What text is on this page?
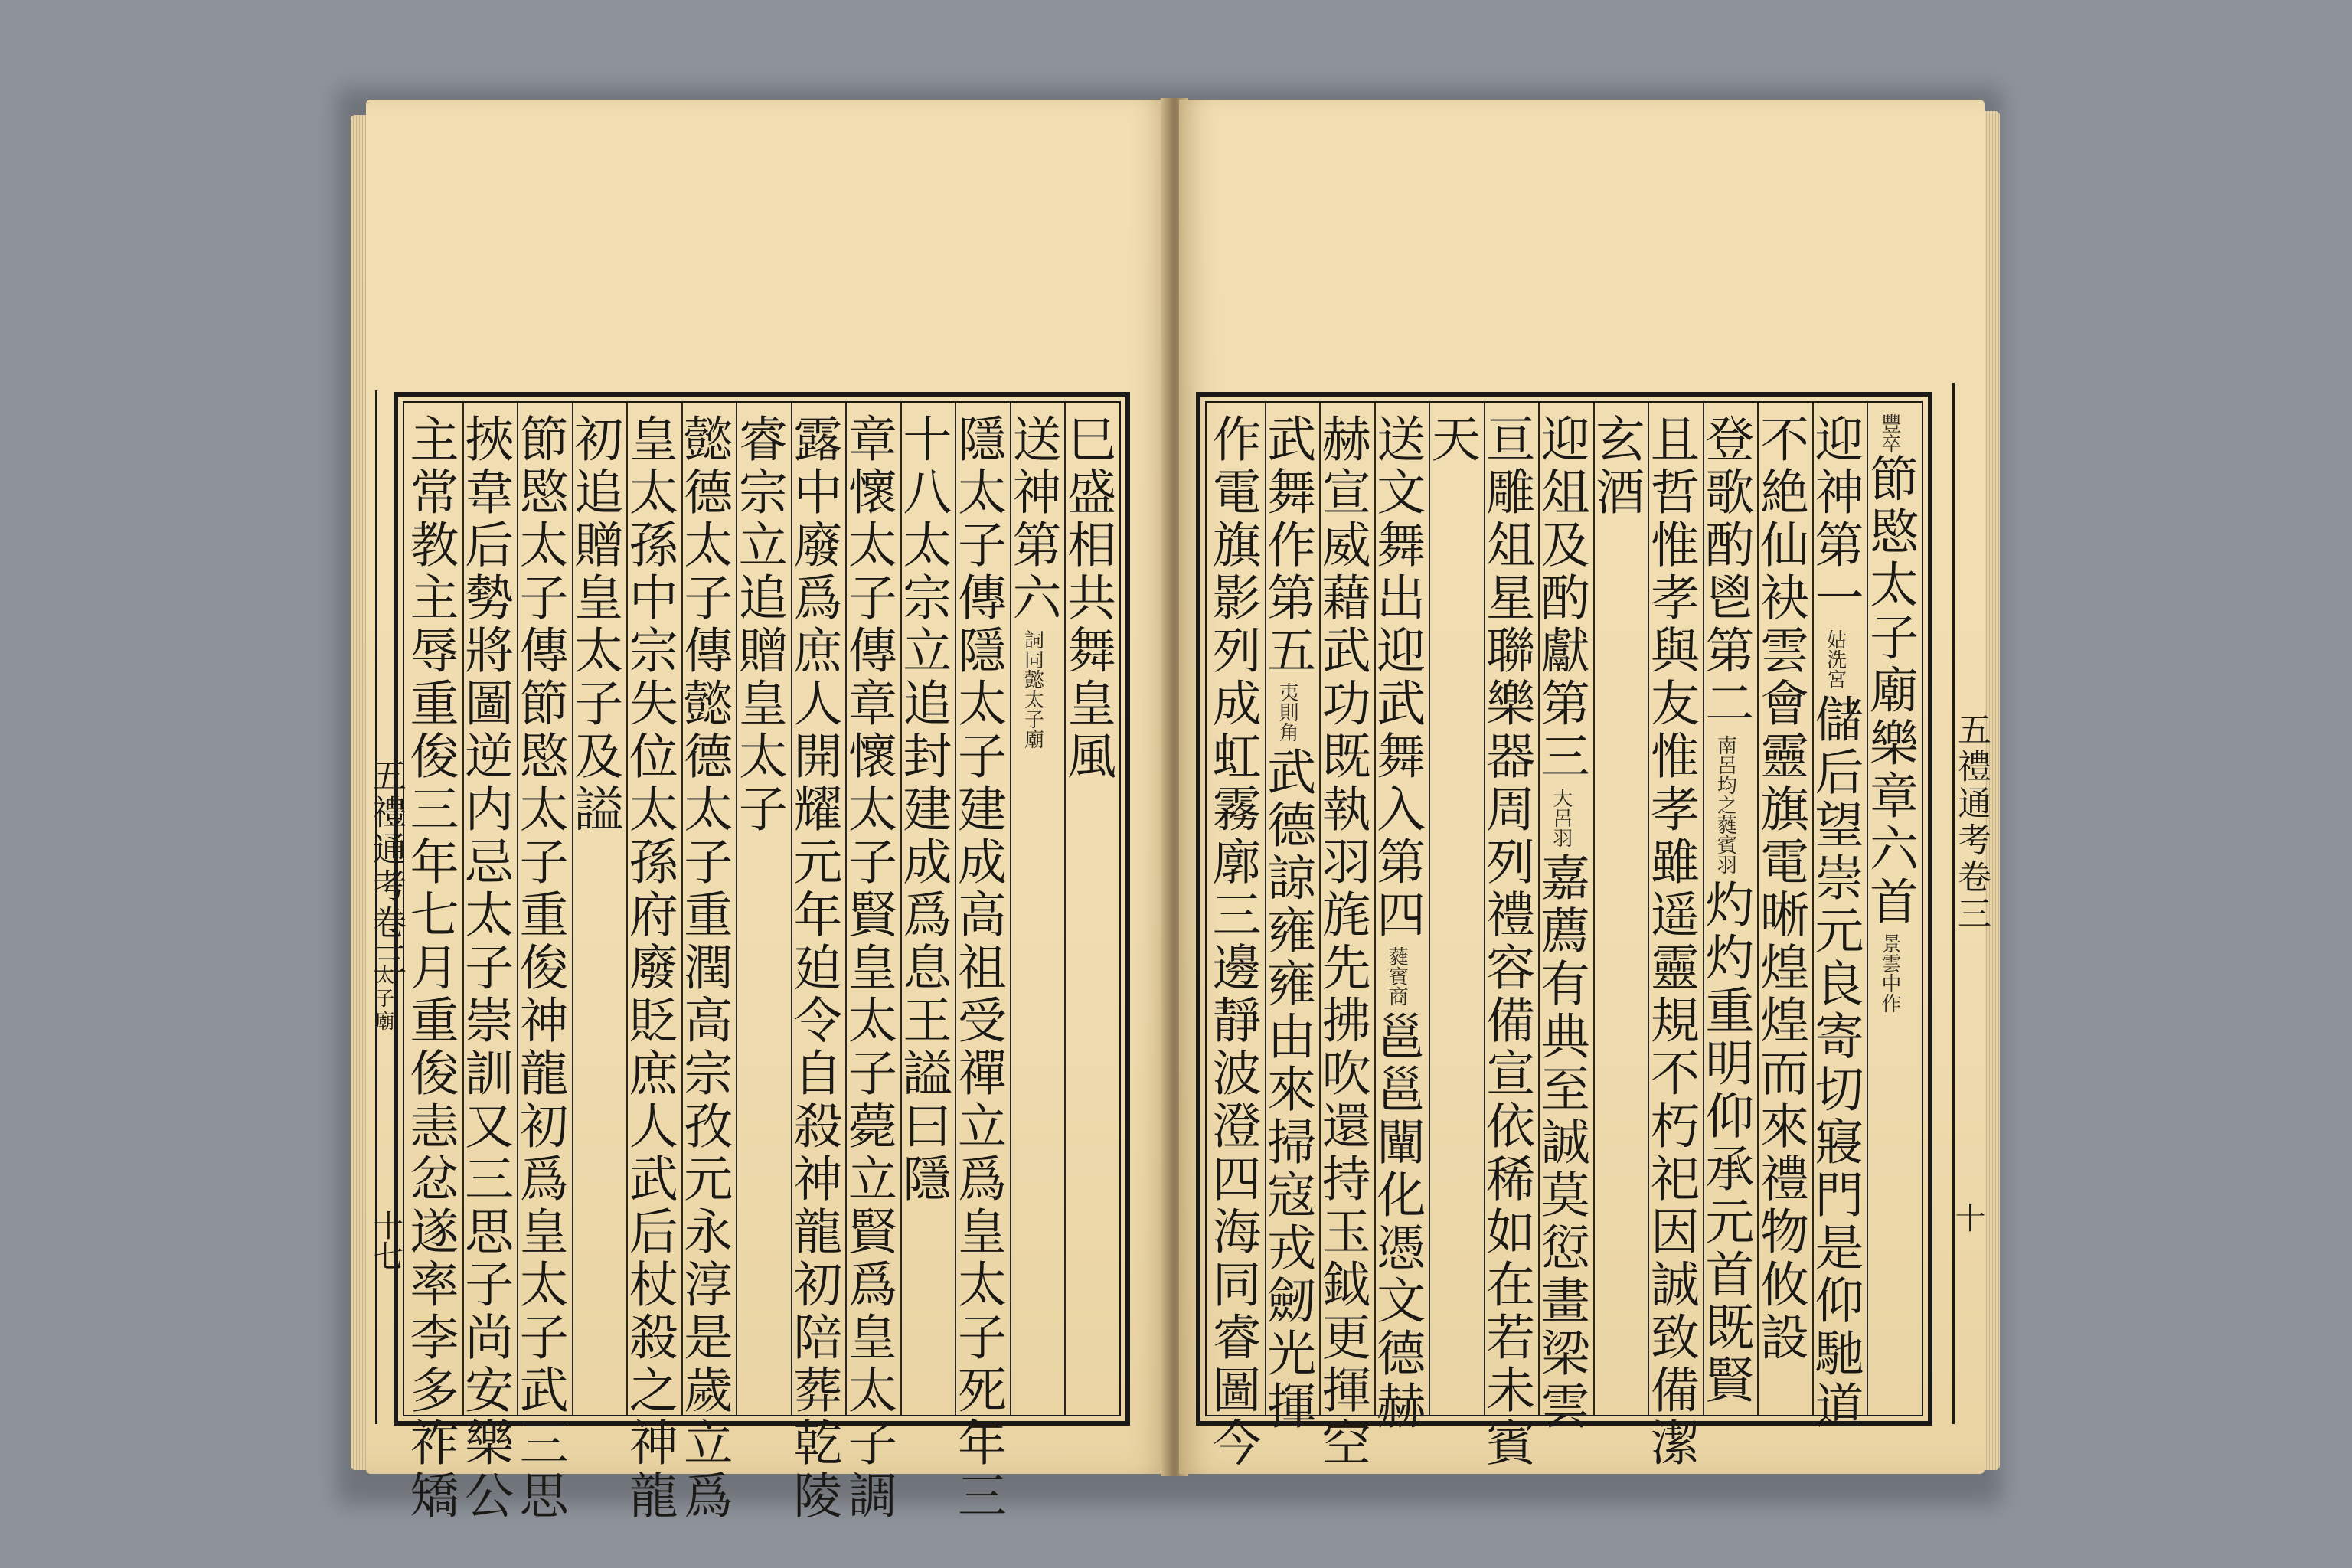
五禮通考卷三
太子廟
十七
巳盛相共舞皇風
送神第六詞同懿太子廟
隱太子傳隱太子建成高祖受禪立爲皇太子死年三
十八太宗立追封建成爲息王謚曰隱
章懷太子傳章懷太子賢皇太子薨立賢爲皇太子調
露中廢爲庶人開耀元年廹令自殺神龍初陪葬乾陵
睿宗立追贈皇太子
懿德太子傳懿德太子重潤高宗孜元永淳是歲立爲
皇太孫中宗失位太孫府廢貶庶人武后杖殺之神龍
初追贈皇太子及謚
節愍太子傳節愍太子重俊神龍初爲皇太子武三思
挾韋后勢將圖逆内忌太子崇訓又三思子尚安樂公
主常教主辱重俊三年七月重俊恚忿遂率李多祚矯	豐卒節愍太子廟樂章六首景雲中作
迎神第一姑洗宮儲后望崇元良寄切寢門是仰馳道
不絶仙袂雲會靈旗電晰煌煌而來禮物攸設
登歌酌鬯第二南呂均之蕤賓羽灼灼重明仰承元首既賢
且哲惟孝與友惟孝雖遥靈規不朽祀因誠致備潔
玄酒
迎俎及酌獻第三大呂羽嘉薦有典至誠莫愆畫梁雲
亘雕俎星聯樂器周列禮容備宣依稀如在若未賓
天
送文舞出迎武舞入第四蕤賓商邕邕闡化憑文德赫
赫宣威藉武功既執羽旄先拂吹還持玉鉞更揮空
武舞作第五夷則角武德諒雍雍由來掃寇戎劒光揮
作電旗影列成虹霧廓三邊靜波澄四海同睿圖今	五禮通考卷三
十
